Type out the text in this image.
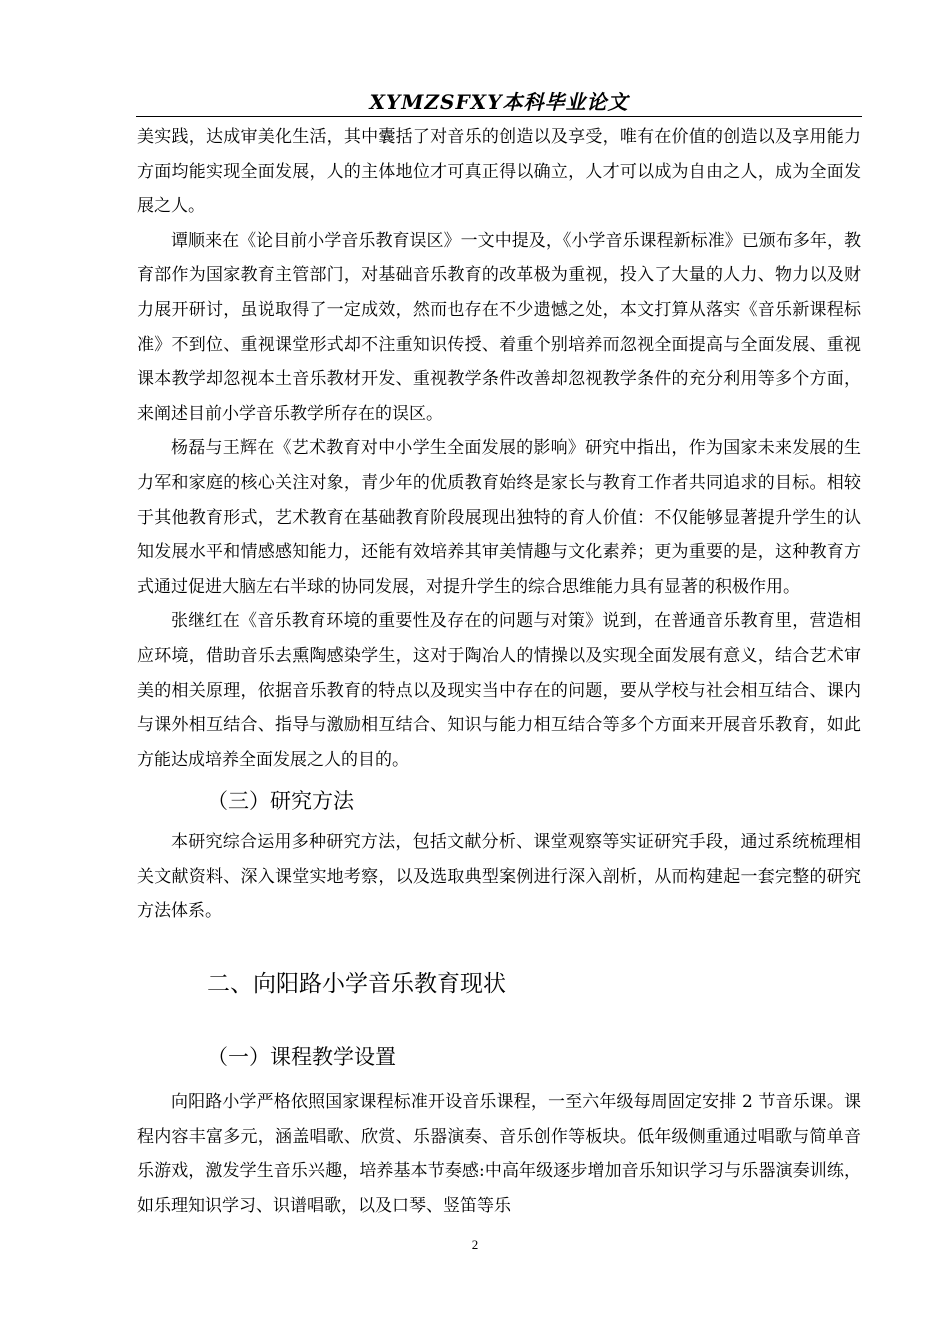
XYMZSFXY本科毕业论文

美实践，达成审美化生活，其中囊括了对音乐的创造以及享受，唯有在价值的创造以及享用能力方面均能实现全面发展，人的主体地位才可真正得以确立，人才可以成为自由之人，成为全面发展之人。

谭顺来在《论目前小学音乐教育误区》一文中提及，《小学音乐课程新标准》已颁布多年，教育部作为国家教育主管部门，对基础音乐教育的改革极为重视，投入了大量的人力、物力以及财力展开研讨，虽说取得了一定成效，然而也存在不少遗憾之处，本文打算从落实《音乐新课程标准》不到位、重视课堂形式却不注重知识传授、着重个别培养而忽视全面提高与全面发展、重视课本教学却忽视本土音乐教材开发、重视教学条件改善却忽视教学条件的充分利用等多个方面，来阐述目前小学音乐教学所存在的误区。

杨磊与王辉在《艺术教育对中小学生全面发展的影响》研究中指出，作为国家未来发展的生力军和家庭的核心关注对象，青少年的优质教育始终是家长与教育工作者共同追求的目标。相较于其他教育形式，艺术教育在基础教育阶段展现出独特的育人价值：不仅能够显著提升学生的认知发展水平和情感感知能力，还能有效培养其审美情趣与文化素养；更为重要的是，这种教育方式通过促进大脑左右半球的协同发展，对提升学生的综合思维能力具有显著的积极作用。

张继红在《音乐教育环境的重要性及存在的问题与对策》说到，在普通音乐教育里，营造相应环境，借助音乐去熏陶感染学生，这对于陶冶人的情操以及实现全面发展有意义，结合艺术审美的相关原理，依据音乐教育的特点以及现实当中存在的问题，要从学校与社会相互结合、课内与课外相互结合、指导与激励相互结合、知识与能力相互结合等多个方面来开展音乐教育，如此方能达成培养全面发展之人的目的。

（三）研究方法

本研究综合运用多种研究方法，包括文献分析、课堂观察等实证研究手段，通过系统梳理相关文献资料、深入课堂实地考察，以及选取典型案例进行深入剖析，从而构建起一套完整的研究方法体系。

二、向阳路小学音乐教育现状
（一）课程教学设置

向阳路小学严格依照国家课程标准开设音乐课程，一至六年级每周固定安排 2 节音乐课。课程内容丰富多元，涵盖唱歌、欣赏、乐器演奏、音乐创作等板块。低年级侧重通过唱歌与简单音乐游戏，激发学生音乐兴趣，培养基本节奏感:中高年级逐步增加音乐知识学习与乐器演奏训练，如乐理知识学习、识谱唱歌，以及口琴、竖笛等乐

2
